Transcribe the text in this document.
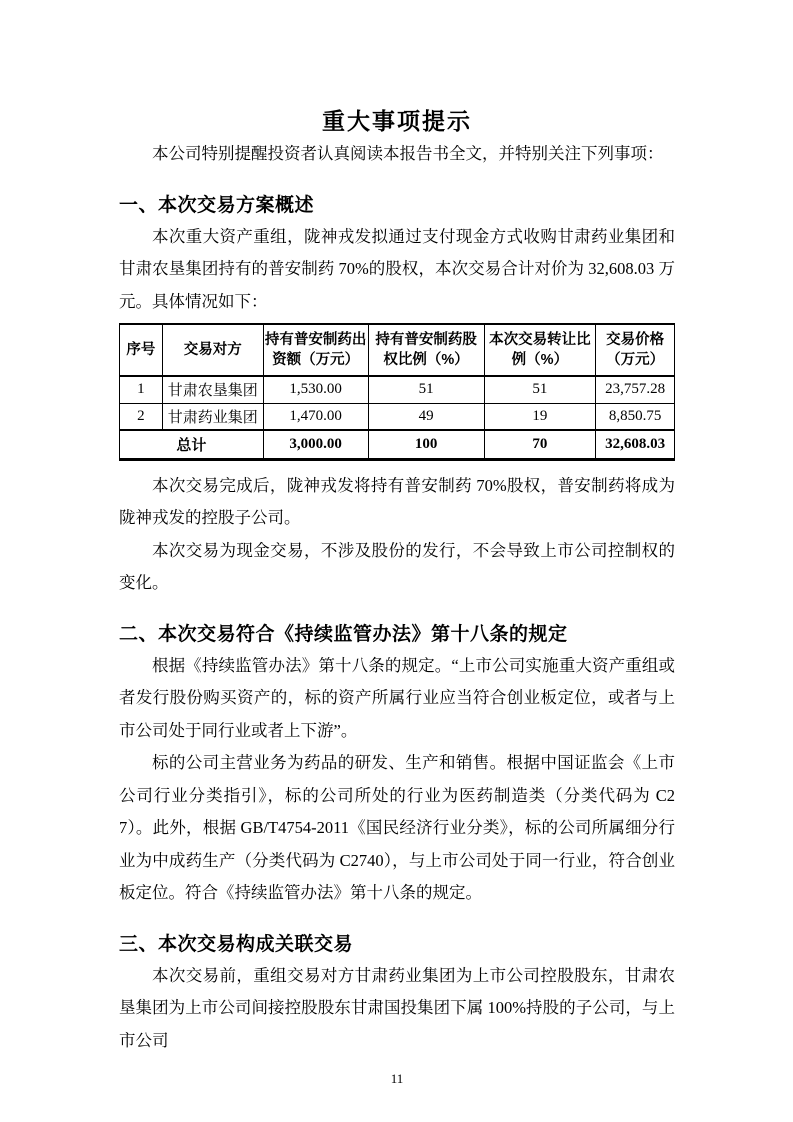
重大事项提示

本公司特别提醒投资者认真阅读本报告书全文，并特别关注下列事项：

一、本次交易方案概述

本次重大资产重组，陇神戎发拟通过支付现金方式收购甘肃药业集团和甘肃农垦集团持有的普安制药 70%的股权，本次交易合计对价为 32,608.03 万元。具体情况如下：

序号	交易对方	持有普安制药出资额（万元）	持有普安制药股权比例（%）	本次交易转让比例（%）	交易价格（万元）
1	甘肃农垦集团	1,530.00	51	51	23,757.28
2	甘肃药业集团	1,470.00	49	19	8,850.75
总计		3,000.00	100	70	32,608.03

本次交易完成后，陇神戎发将持有普安制药 70%股权，普安制药将成为陇神戎发的控股子公司。

本次交易为现金交易，不涉及股份的发行，不会导致上市公司控制权的变化。

二、本次交易符合《持续监管办法》第十八条的规定

根据《持续监管办法》第十八条的规定。“上市公司实施重大资产重组或者发行股份购买资产的，标的资产所属行业应当符合创业板定位，或者与上市公司处于同行业或者上下游”。

标的公司主营业务为药品的研发、生产和销售。根据中国证监会《上市公司行业分类指引》，标的公司所处的行业为医药制造类（分类代码为 C27）。此外，根据 GB/T4754-2011《国民经济行业分类》，标的公司所属细分行业为中成药生产（分类代码为 C2740），与上市公司处于同一行业，符合创业板定位。符合《持续监管办法》第十八条的规定。

三、本次交易构成关联交易

本次交易前，重组交易对方甘肃药业集团为上市公司控股股东，甘肃农垦集团为上市公司间接控股股东甘肃国投集团下属 100%持股的子公司，与上市公司

11
